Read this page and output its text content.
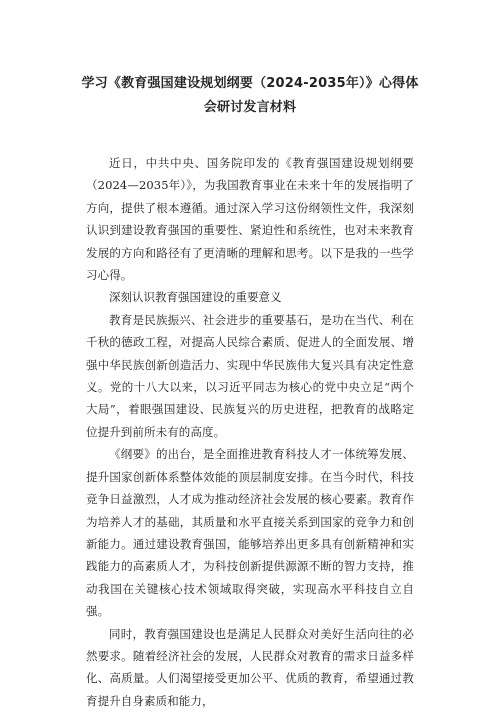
学习《教育强国建设规划纲要（2024-2035年）》心得体会研讨发言材料

近日，中共中央、国务院印发的《教育强国建设规划纲要（2024—2035年）》，为我国教育事业在未来十年的发展指明了方向，提供了根本遵循。通过深入学习这份纲领性文件，我深刻认识到建设教育强国的重要性、紧迫性和系统性，也对未来教育发展的方向和路径有了更清晰的理解和思考。以下是我的一些学习心得。

深刻认识教育强国建设的重要意义

教育是民族振兴、社会进步的重要基石，是功在当代、利在千秋的德政工程，对提高人民综合素质、促进人的全面发展、增强中华民族创新创造活力、实现中华民族伟大复兴具有决定性意义。党的十八大以来，以习近平同志为核心的党中央立足“两个大局”，着眼强国建设、民族复兴的历史进程，把教育的战略定位提升到前所未有的高度。

《纲要》的出台，是全面推进教育科技人才一体统筹发展、提升国家创新体系整体效能的顶层制度安排。在当今时代，科技竞争日益激烈，人才成为推动经济社会发展的核心要素。教育作为培养人才的基础，其质量和水平直接关系到国家的竞争力和创新能力。通过建设教育强国，能够培养出更多具有创新精神和实践能力的高素质人才，为科技创新提供源源不断的智力支持，推动我国在关键核心技术领域取得突破，实现高水平科技自立自强。

同时，教育强国建设也是满足人民群众对美好生活向往的必然要求。随着经济社会的发展，人民群众对教育的需求日益多样化、高质量。人们渴望接受更加公平、优质的教育，希望通过教育提升自身素质和能力，
